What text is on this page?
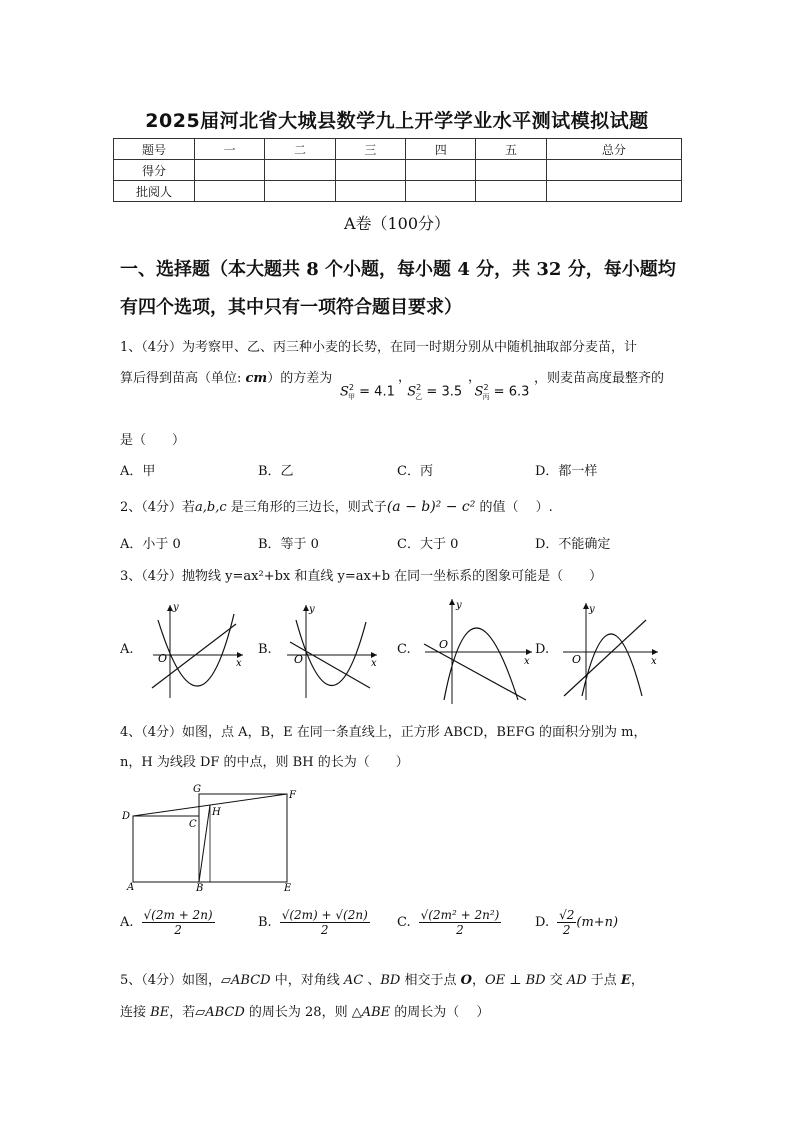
2025届河北省大城县数学九上开学学业水平测试模拟试题
题号	一	二	三	四	五	总分
得分						
批阅人						
A卷（100分）
一、选择题（本大题共 8 个小题，每小题 4 分，共 32 分，每小题均
有四个选项，其中只有一项符合题目要求）
1、（4分）为考察甲、乙、丙三种小麦的长势，在同一时期分别从中随机抽取部分麦苗，计
算后得到苗高（单位: cm）的方差为	，	，	，则麦苗高度最整齐的
$S^2_甲 = 4.1$ $S^2_乙 = 3.5$ $S^2_丙 = 6.3$
是（　　）
A．甲	B．乙	C．丙	D．都一样
2、（4分）若a,b,c 是三角形的三边长，则式子(a − b)² − c² 的值（　 ）.
A．小于 0	B．等于 0	C．大于 0	D．不能确定
3、（4分）抛物线 y=ax²+bx 和直线 y=ax+b 在同一坐标系的图象可能是（　　）
A.
y
x
O
B.
y
x
O
C.
y
x
O	D.
y
x
O
4、（4分）如图，点 A，B，E 在同一条直线上，正方形 ABCD，BEFG 的面积分别为 m，
n，H 为线段 DF 的中点，则 BH 的长为（　　）
A	B
C
D
E
F
G
H
A. $\frac{√(2m + 2n)}{2}$	B. $\frac{√(2m) + √(2n)}{2} C$. $\frac{\text{√(2m² + 2n²)}}{2}$	D. $\frac{√2}{2} (m+n)$
5、（4分）如图，▱ABCD 中，对角线 AC 、BD 相交于点 O，OE ⊥ BD 交 AD 于点 E，
连接 BE，若▱ABCD 的周长为 28，则 △ABE 的周长为（　 ）
